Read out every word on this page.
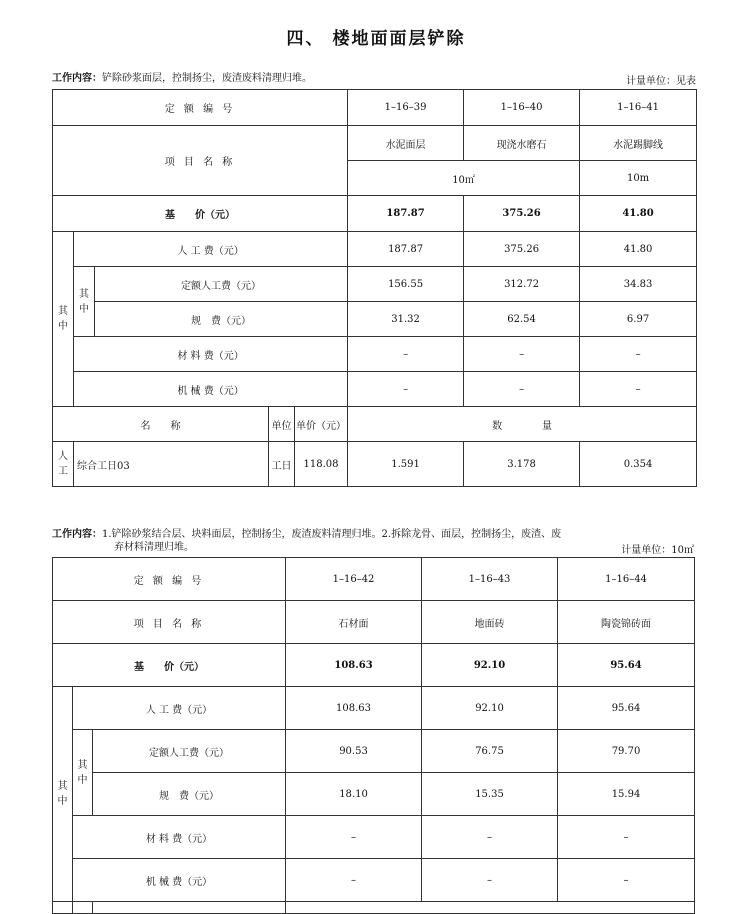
四、 楼地面面层铲除
工作内容：铲除砂浆面层，控制扬尘，废渣废料清理归堆。	计量单位：见表
定 额 编 号					1–16–39	1–16–40	1–16–41
项 目 名 称					水泥面层	现浇水磨石	水泥踢脚线
					10㎡		10m
基　　价（元）					187.87	375.26	41.80
其中	人 工 费（元）				187.87	375.26	41.80
	其中	定额人工费（元）			156.55	312.72	34.83
		规　费（元）			31.32	62.54	6.97
	材 料 费（元）				–	–	–
	机 械 费（元）				–	–	–
名　　称			单位	单价（元）	数　　　　量		
人工	综合工日03		工日	118.08	1.591	3.178	0.354
工作内容：1.铲除砂浆结合层、块料面层，控制扬尘，废渣废料清理归堆。2.拆除龙骨、面层，控制扬尘，废渣、废
弃材料清理归堆。	计量单位：10㎡
定 额 编 号			1–16–42	1–16–43	1–16–44
项 目 名 称			石材面	地面砖	陶瓷锦砖面
基　　价（元）			108.63	92.10	95.64
其中	人 工 费（元）		108.63	92.10	95.64
	其中	定额人工费（元）	90.53	76.75	79.70
		规　费（元）	18.10	15.35	15.94
	材 料 费（元）		–	–	–
	机 械 费（元）		–	–	–
